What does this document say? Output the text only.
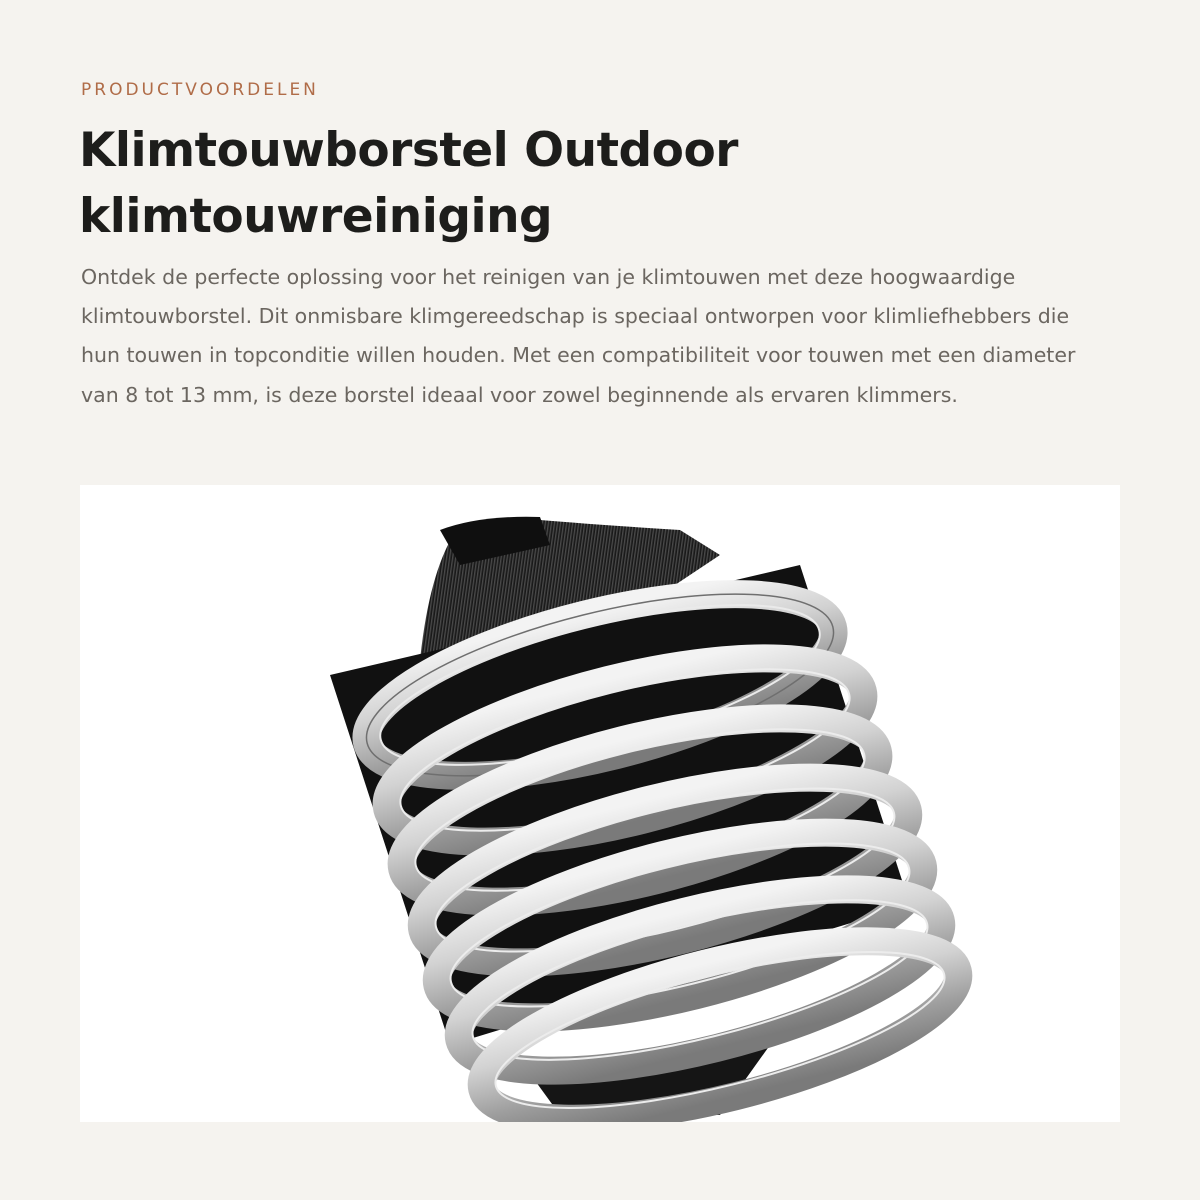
PRODUCTVOORDELEN
Klimtouwborstel Outdoor
klimtouwreiniging

Ontdek de perfecte oplossing voor het reinigen van je klimtouwen met deze hoogwaardige klimtouwborstel. Dit onmisbare klimgereedschap is speciaal ontworpen voor klimliefhebbers die hun touwen in topconditie willen houden. Met een compatibiliteit voor touwen met een diameter van 8 tot 13 mm, is deze borstel ideaal voor zowel beginnende als ervaren klimmers.
